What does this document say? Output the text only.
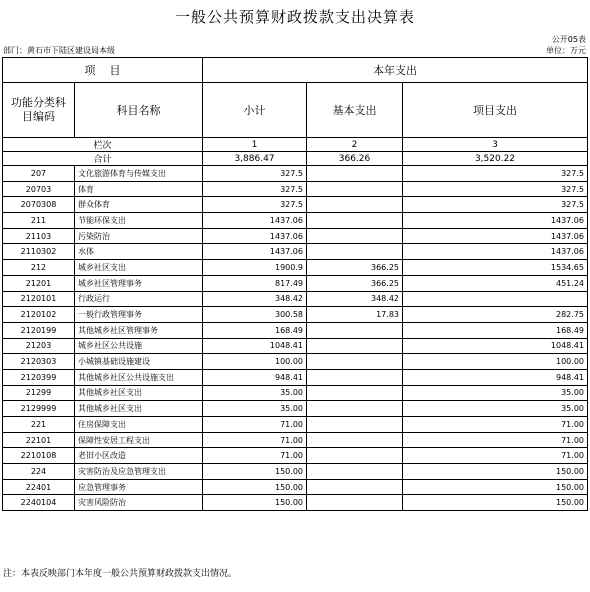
一般公共预算财政拨款支出决算表
公开05表
部门：黄石市下陆区建设局本级	单位：万元
项    目		本年支出		
功能分类科目编码	科目名称	小计	基本支出	项目支出
栏次		1	2	3
合计		3,886.47	366.26	3,520.22
207	文化旅游体育与传媒支出	327.5		327.5
20703	体育	327.5		327.5
2070308	群众体育	327.5		327.5
211	节能环保支出	1437.06		1437.06
21103	污染防治	1437.06		1437.06
2110302	水体	1437.06		1437.06
212	城乡社区支出	1900.9	366.25	1534.65
21201	城乡社区管理事务	817.49	366.25	451.24
2120101	行政运行	348.42	348.42	
2120102	一般行政管理事务	300.58	17.83	282.75
2120199	其他城乡社区管理事务	168.49		168.49
21203	城乡社区公共设施	1048.41		1048.41
2120303	小城镇基础设施建设	100.00		100.00
2120399	其他城乡社区公共设施支出	948.41		948.41
21299	其他城乡社区支出	35.00		35.00
2129999	其他城乡社区支出	35.00		35.00
221	住房保障支出	71.00		71.00
22101	保障性安居工程支出	71.00		71.00
2210108	老旧小区改造	71.00		71.00
224	灾害防治及应急管理支出	150.00		150.00
22401	应急管理事务	150.00		150.00
2240104	灾害风险防治	150.00		150.00
注：本表反映部门本年度一般公共预算财政拨款支出情况。
